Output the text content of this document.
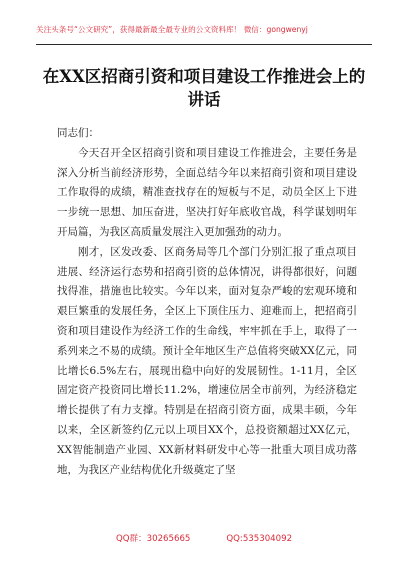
关注头条号“公文研究”，获得最新最全最专业的公文资料库！ 微信：gongwenyj
在XX区招商引资和项目建设工作推进会上的讲话

同志们：

今天召开全区招商引资和项目建设工作推进会，主要任务是深入分析当前经济形势，全面总结今年以来招商引资和项目建设工作取得的成绩，精准查找存在的短板与不足，动员全区上下进一步统一思想、加压奋进，坚决打好年底收官战，科学谋划明年开局篇，为我区高质量发展注入更加强劲的动力。

刚才，区发改委、区商务局等几个部门分别汇报了重点项目进展、经济运行态势和招商引资的总体情况，讲得都很好，问题找得准，措施也比较实。今年以来，面对复杂严峻的宏观环境和艰巨繁重的发展任务，全区上下顶住压力、迎难而上，把招商引资和项目建设作为经济工作的生命线，牢牢抓在手上，取得了一系列来之不易的成绩。预计全年地区生产总值将突破XX亿元，同比增长6.5%左右，展现出稳中向好的发展韧性。1-11月，全区固定资产投资同比增长11.2%，增速位居全市前列，为经济稳定增长提供了有力支撑。特别是在招商引资方面，成果丰硕，今年以来，全区新签约亿元以上项目XX个，总投资额超过XX亿元，XX智能制造产业园、XX新材料研发中心等一批重大项目成功落地，为我区产业结构优化升级奠定了坚

QQ群：30265665	QQ:535304092
